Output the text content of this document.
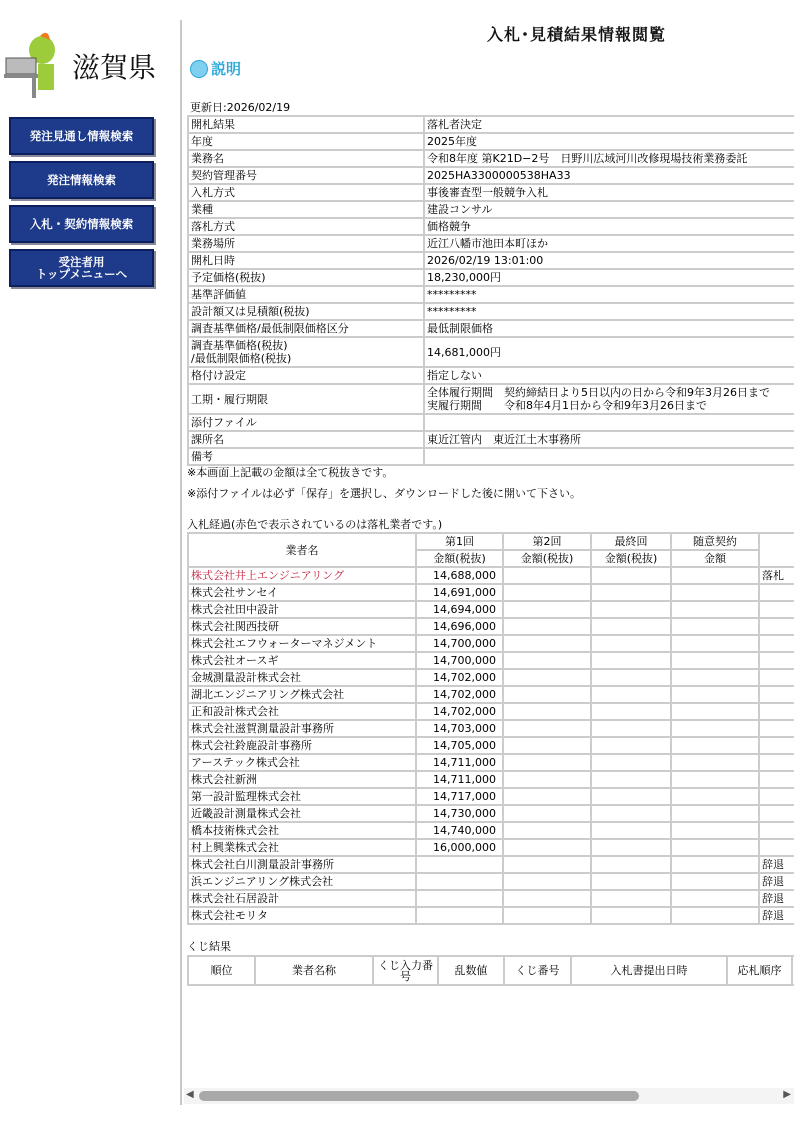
滋賀県
発注見通し情報検索
発注情報検索
入札・契約情報検索
受注者用
トップメニューへ
入札･見積結果情報閲覧
説明
更新日:2026/02/19
開札結果	落札者決定
年度	2025年度
業務名	令和8年度 第K21D−2号　日野川広域河川改修現場技術業務委託
契約管理番号	2025HA3300000538HA33
入札方式	事後審査型一般競争入札
業種	建設コンサル
落札方式	価格競争
業務場所	近江八幡市池田本町ほか
開札日時	2026/02/19 13:01:00
予定価格(税抜)	18,230,000円
基準評価値	*********
設計額又は見積額(税抜)	*********
調査基準価格/最低制限価格区分	最低制限価格
調査基準価格(税抜)
/最低制限価格(税抜)	14,681,000円
格付け設定	指定しない
工期・履行期限	全体履行期間　契約締結日より5日以内の日から令和9年3月26日まで
実履行期間　　令和8年4月1日から令和9年3月26日まで
添付ファイル	
課所名	東近江管内　東近江土木事務所
備考	
※本画面上記載の金額は全て税抜きです。
※添付ファイルは必ず「保存」を選択し、ダウンロードした後に開いて下さい。
入札経過(赤色で表示されているのは落札業者です。)
業者名	第1回	第2回	最終回	随意契約	
	金額(税抜)	金額(税抜)	金額(税抜)	金額	
株式会社井上エンジニアリング	14,688,000				落札
株式会社サンセイ	14,691,000				
株式会社田中設計	14,694,000				
株式会社関西技研	14,696,000				
株式会社エフウォーターマネジメント	14,700,000				
株式会社オースギ	14,700,000				
金城測量設計株式会社	14,702,000				
湖北エンジニアリング株式会社	14,702,000				
正和設計株式会社	14,702,000				
株式会社滋賀測量設計事務所	14,703,000				
株式会社鈴鹿設計事務所	14,705,000				
アーステック株式会社	14,711,000				
株式会社新洲	14,711,000				
第一設計監理株式会社	14,717,000				
近畿設計測量株式会社	14,730,000				
橋本技術株式会社	14,740,000				
村上興業株式会社	16,000,000				
株式会社白川測量設計事務所					辞退
浜エンジニアリング株式会社					辞退
株式会社石居設計					辞退
株式会社モリタ					辞退
くじ結果
順位	業者名称	くじ入力番号	乱数値	くじ番号	入札書提出日時	応札順序	
◀	▶
